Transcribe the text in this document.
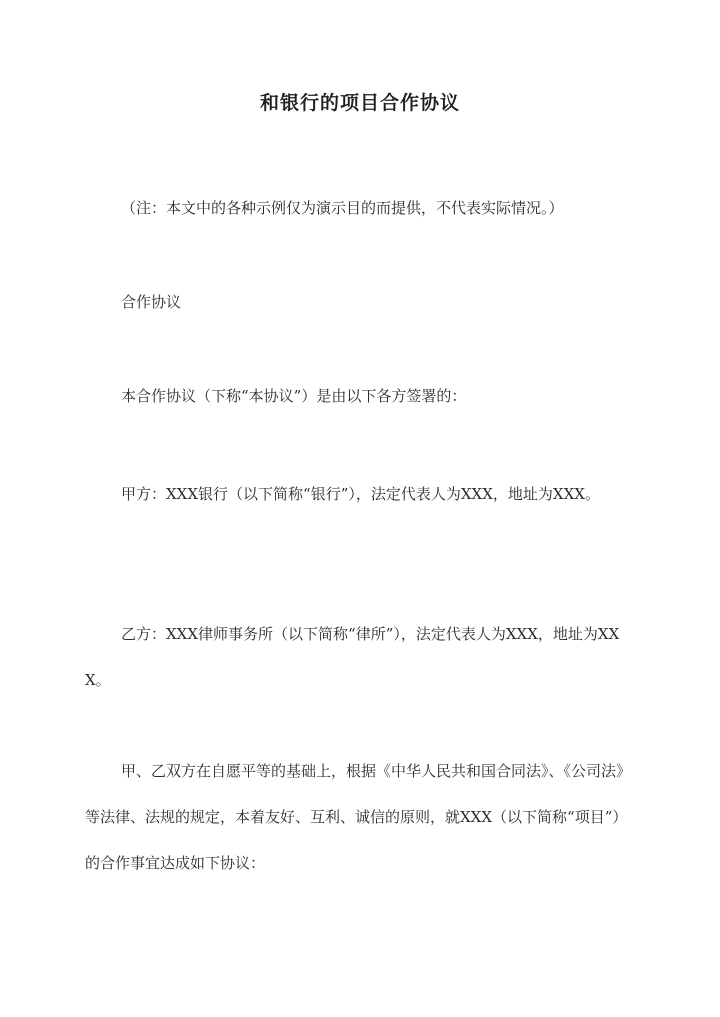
和银行的项目合作协议
（注：本文中的各种示例仅为演示目的而提供，不代表实际情况。）
合作协议
本合作协议（下称“本协议”）是由以下各方签署的：
甲方：XXX银行（以下简称“银行”），法定代表人为XXX，地址为XXX。
乙方：XXX律师事务所（以下简称“律所”），法定代表人为XXX，地址为XXX。
甲、乙双方在自愿平等的基础上，根据《中华人民共和国合同法》、《公司法》等法律、法规的规定，本着友好、互利、诚信的原则，就XXX（以下简称“项目”）的合作事宜达成如下协议：
